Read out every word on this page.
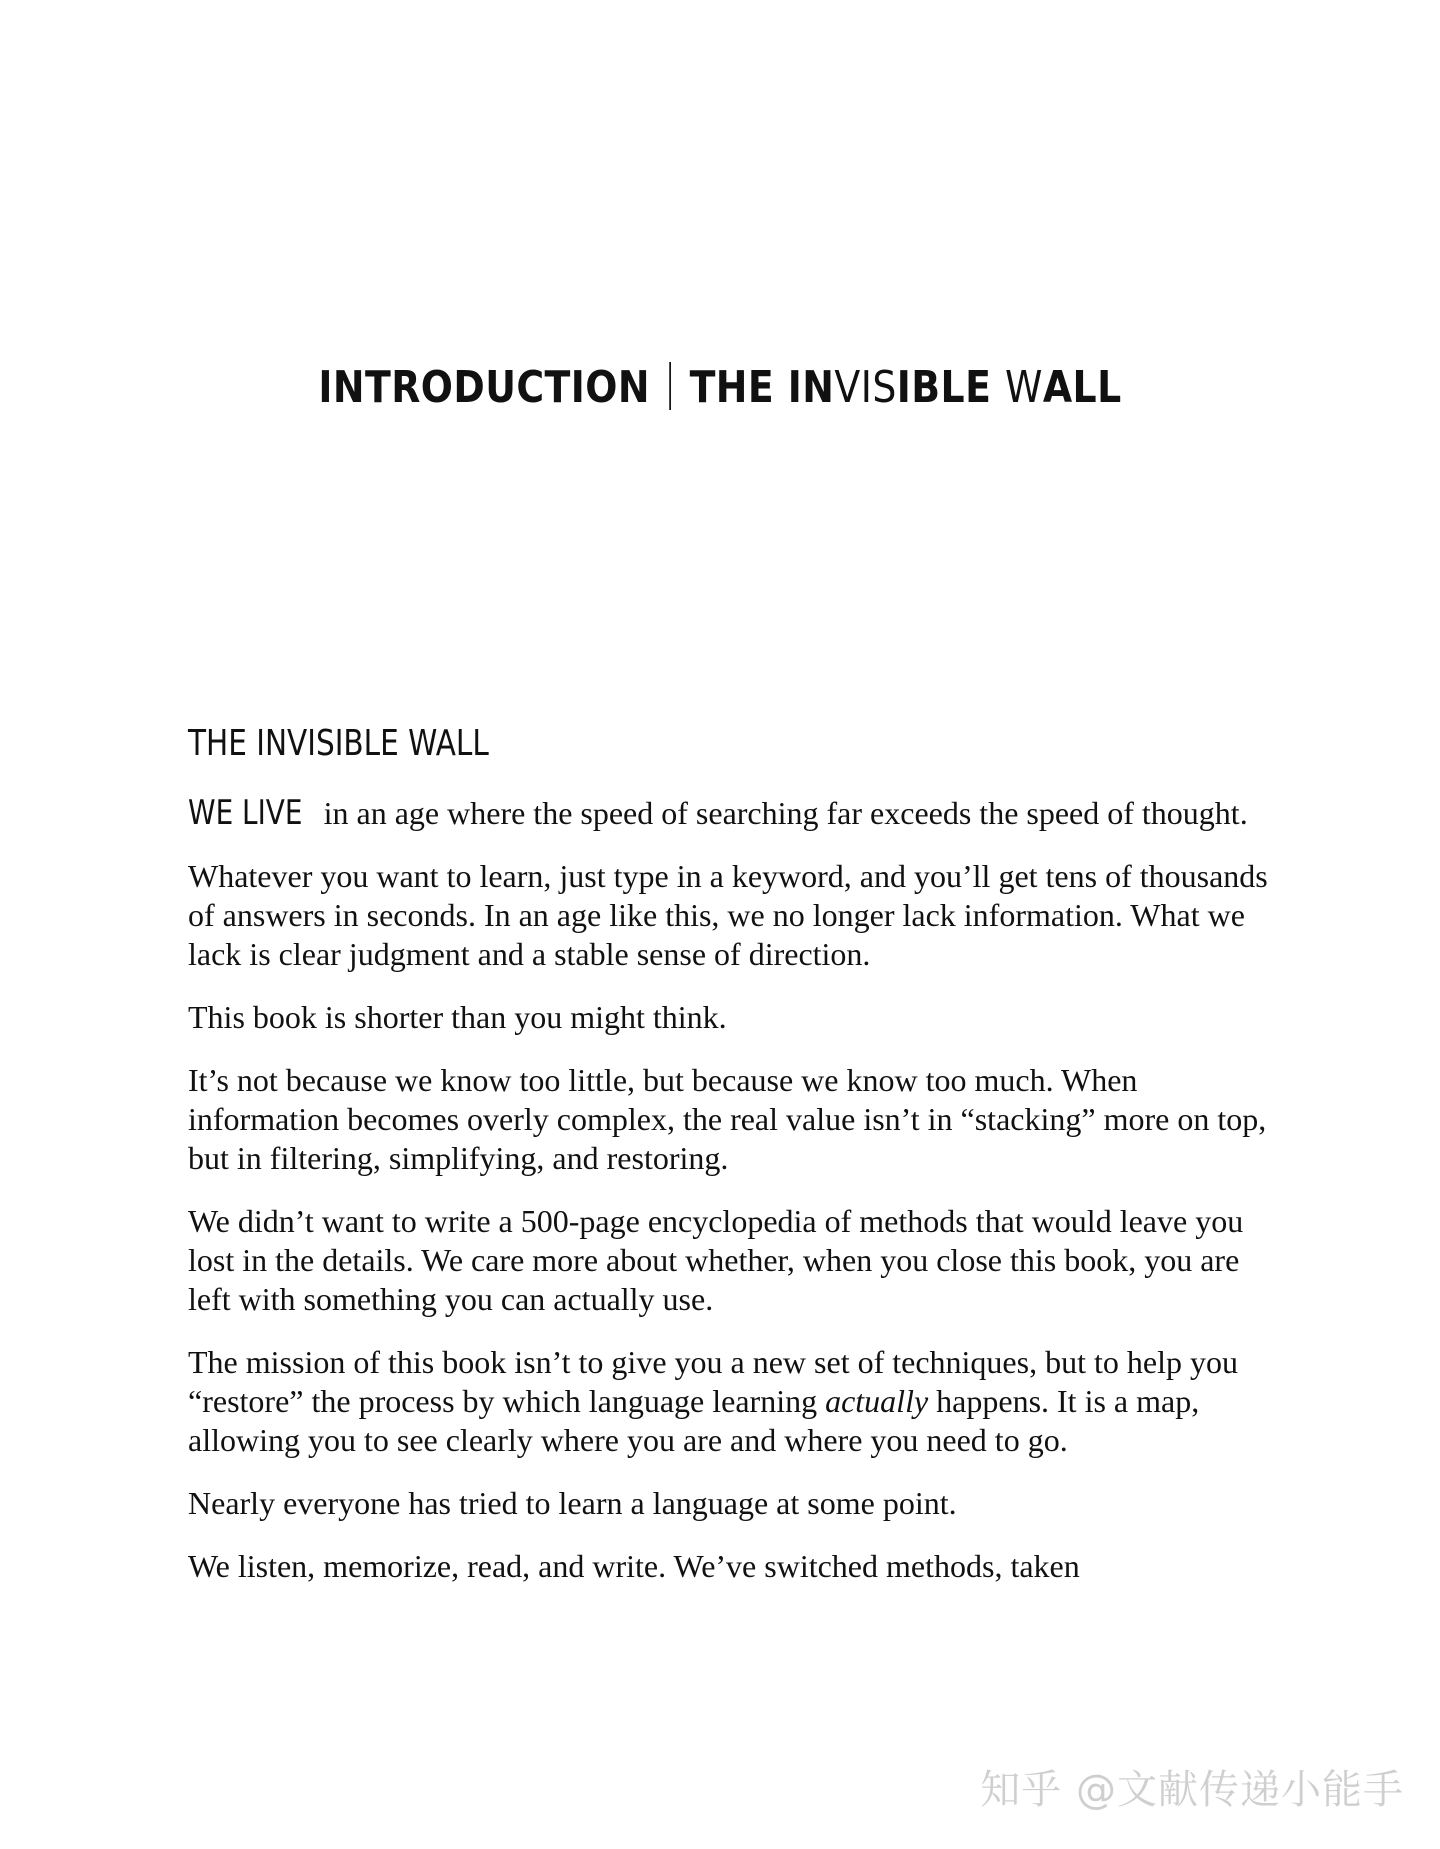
INTRODUCTION THE INVISIBLE WALL
THE INVISIBLE WALL

WE LIVE in an age where the speed of searching far exceeds the speed of thought.

Whatever you want to learn, just type in a keyword, and you’ll get tens of thousands of answers in seconds. In an age like this, we no longer lack information. What we lack is clear judgment and a stable sense of direction.

This book is shorter than you might think.

It’s not because we know too little, but because we know too much. When information becomes overly complex, the real value isn’t in “stacking” more on top, but in filtering, simplifying, and restoring.

We didn’t want to write a 500-page encyclopedia of methods that would leave you lost in the details. We care more about whether, when you close this book, you are left with something you can actually use.

The mission of this book isn’t to give you a new set of techniques, but to help you “restore” the process by which language learning actually happens. It is a map, allowing you to see clearly where you are and where you need to go.

Nearly everyone has tried to learn a language at some point.

We listen, memorize, read, and write. We’ve switched methods, taken

知乎 @文献传递小能手
